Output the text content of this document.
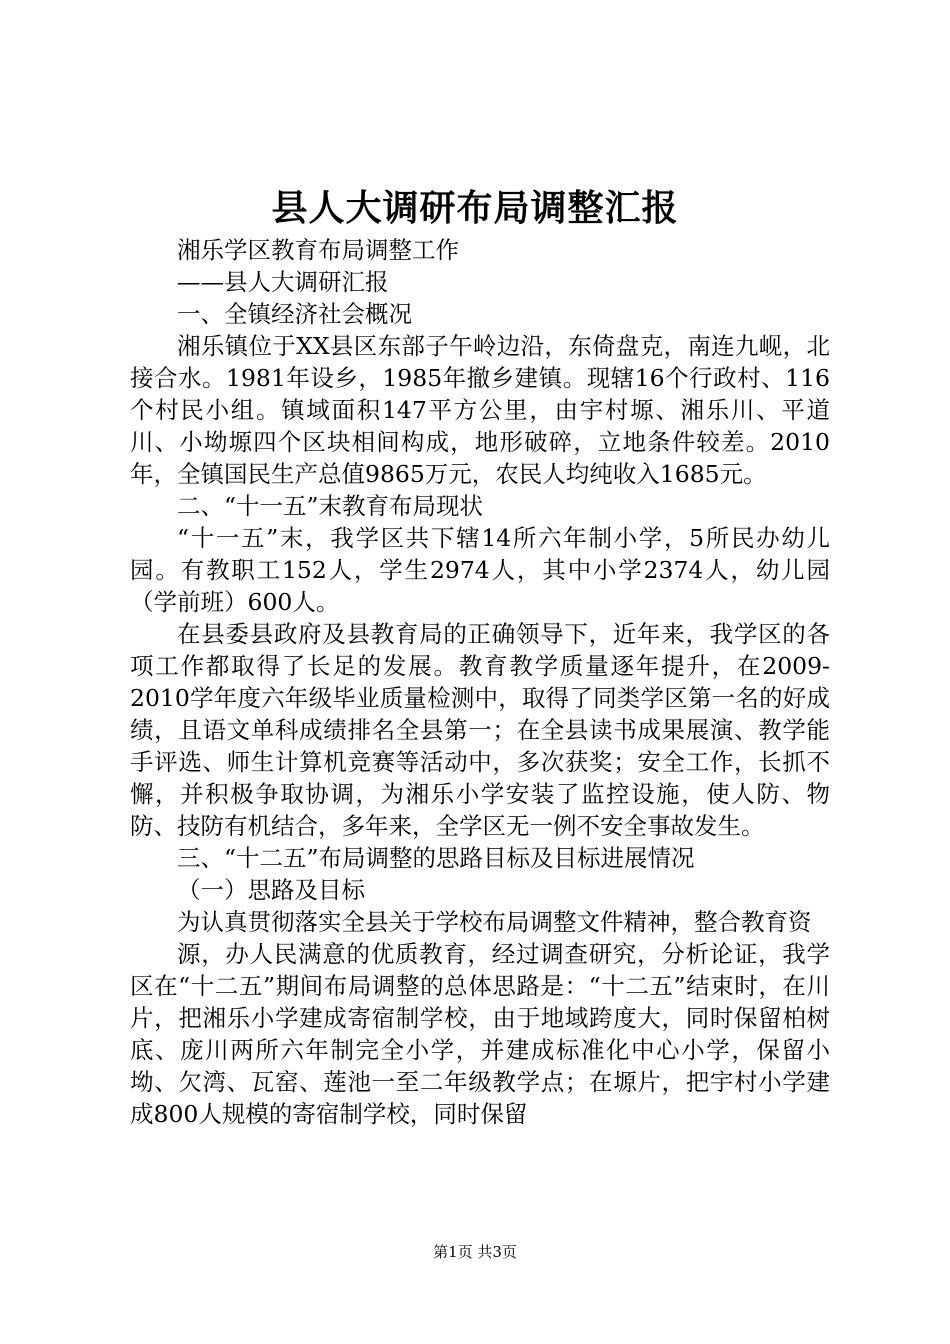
县人大调研布局调整汇报

湘乐学区教育布局调整工作

——县人大调研汇报

一、全镇经济社会概况

湘乐镇位于XX县区东部子午岭边沿，东倚盘克，南连九岘，北接合水。1981年设乡，1985年撤乡建镇。现辖16个行政村、116个村民小组。镇域面积147平方公里，由宇村塬、湘乐川、平道川、小坳塬四个区块相间构成，地形破碎，立地条件较差。2010年，全镇国民生产总值9865万元，农民人均纯收入1685元。

二、“十一五”末教育布局现状

“十一五”末，我学区共下辖14所六年制小学，5所民办幼儿园。有教职工152人，学生2974人，其中小学2374人，幼儿园（学前班）600人。

在县委县政府及县教育局的正确领导下，近年来，我学区的各项工作都取得了长足的发展。教育教学质量逐年提升，在2009-2010学年度六年级毕业质量检测中，取得了同类学区第一名的好成绩，且语文单科成绩排名全县第一；在全县读书成果展演、教学能手评选、师生计算机竞赛等活动中，多次获奖；安全工作，长抓不懈，并积极争取协调，为湘乐小学安装了监控设施，使人防、物防、技防有机结合，多年来，全学区无一例不安全事故发生。

三、“十二五”布局调整的思路目标及目标进展情况

（一）思路及目标

为认真贯彻落实全县关于学校布局调整文件精神，整合教育资

源，办人民满意的优质教育，经过调查研究，分析论证，我学区在“十二五”期间布局调整的总体思路是：“十二五”结束时，在川片，把湘乐小学建成寄宿制学校，由于地域跨度大，同时保留柏树底、庞川两所六年制完全小学，并建成标准化中心小学，保留小坳、欠湾、瓦窑、莲池一至二年级教学点；在塬片，把宇村小学建成800人规模的寄宿制学校，同时保留

第1页 共3页
